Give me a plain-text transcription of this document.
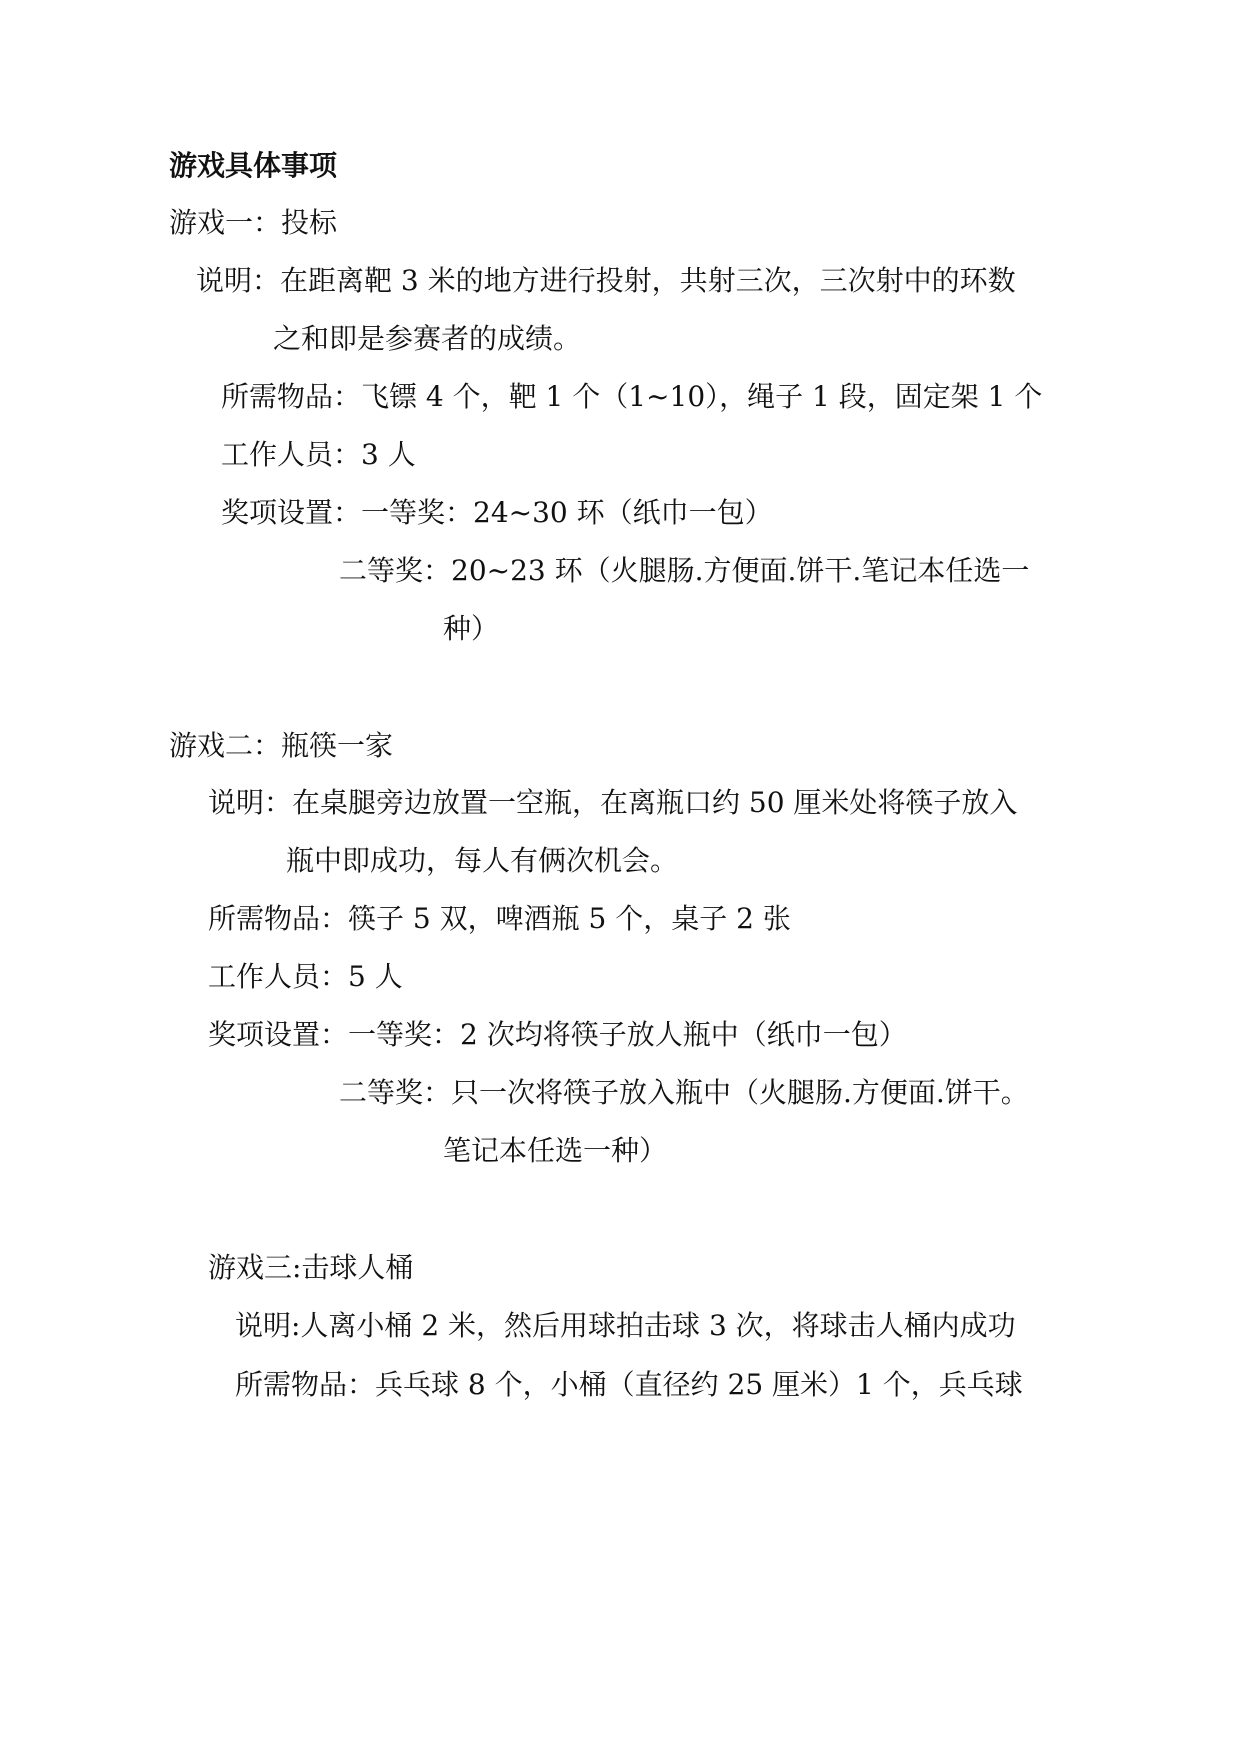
游戏具体事项
游戏一：投标
说明：在距离靶 3 米的地方进行投射，共射三次，三次射中的环数
之和即是参赛者的成绩。
所需物品：飞镖 4 个，靶 1 个（1~10），绳子 1 段，固定架 1 个
工作人员：3 人
奖项设置：一等奖：24~30 环（纸巾一包）
二等奖：20~23 环（火腿肠.方便面.饼干.笔记本任选一
种）
游戏二：瓶筷一家
说明：在桌腿旁边放置一空瓶，在离瓶口约 50 厘米处将筷子放入
瓶中即成功，每人有俩次机会。
所需物品：筷子 5 双，啤酒瓶 5 个，桌子 2 张
工作人员：5 人
奖项设置：一等奖：2 次均将筷子放人瓶中（纸巾一包）
二等奖：只一次将筷子放入瓶中（火腿肠.方便面.饼干。
笔记本任选一种）
游戏三:击球人桶
说明:人离小桶 2 米，然后用球拍击球 3 次，将球击人桶内成功
所需物品：兵乓球 8 个，小桶（直径约 25 厘米）1 个，兵乓球
